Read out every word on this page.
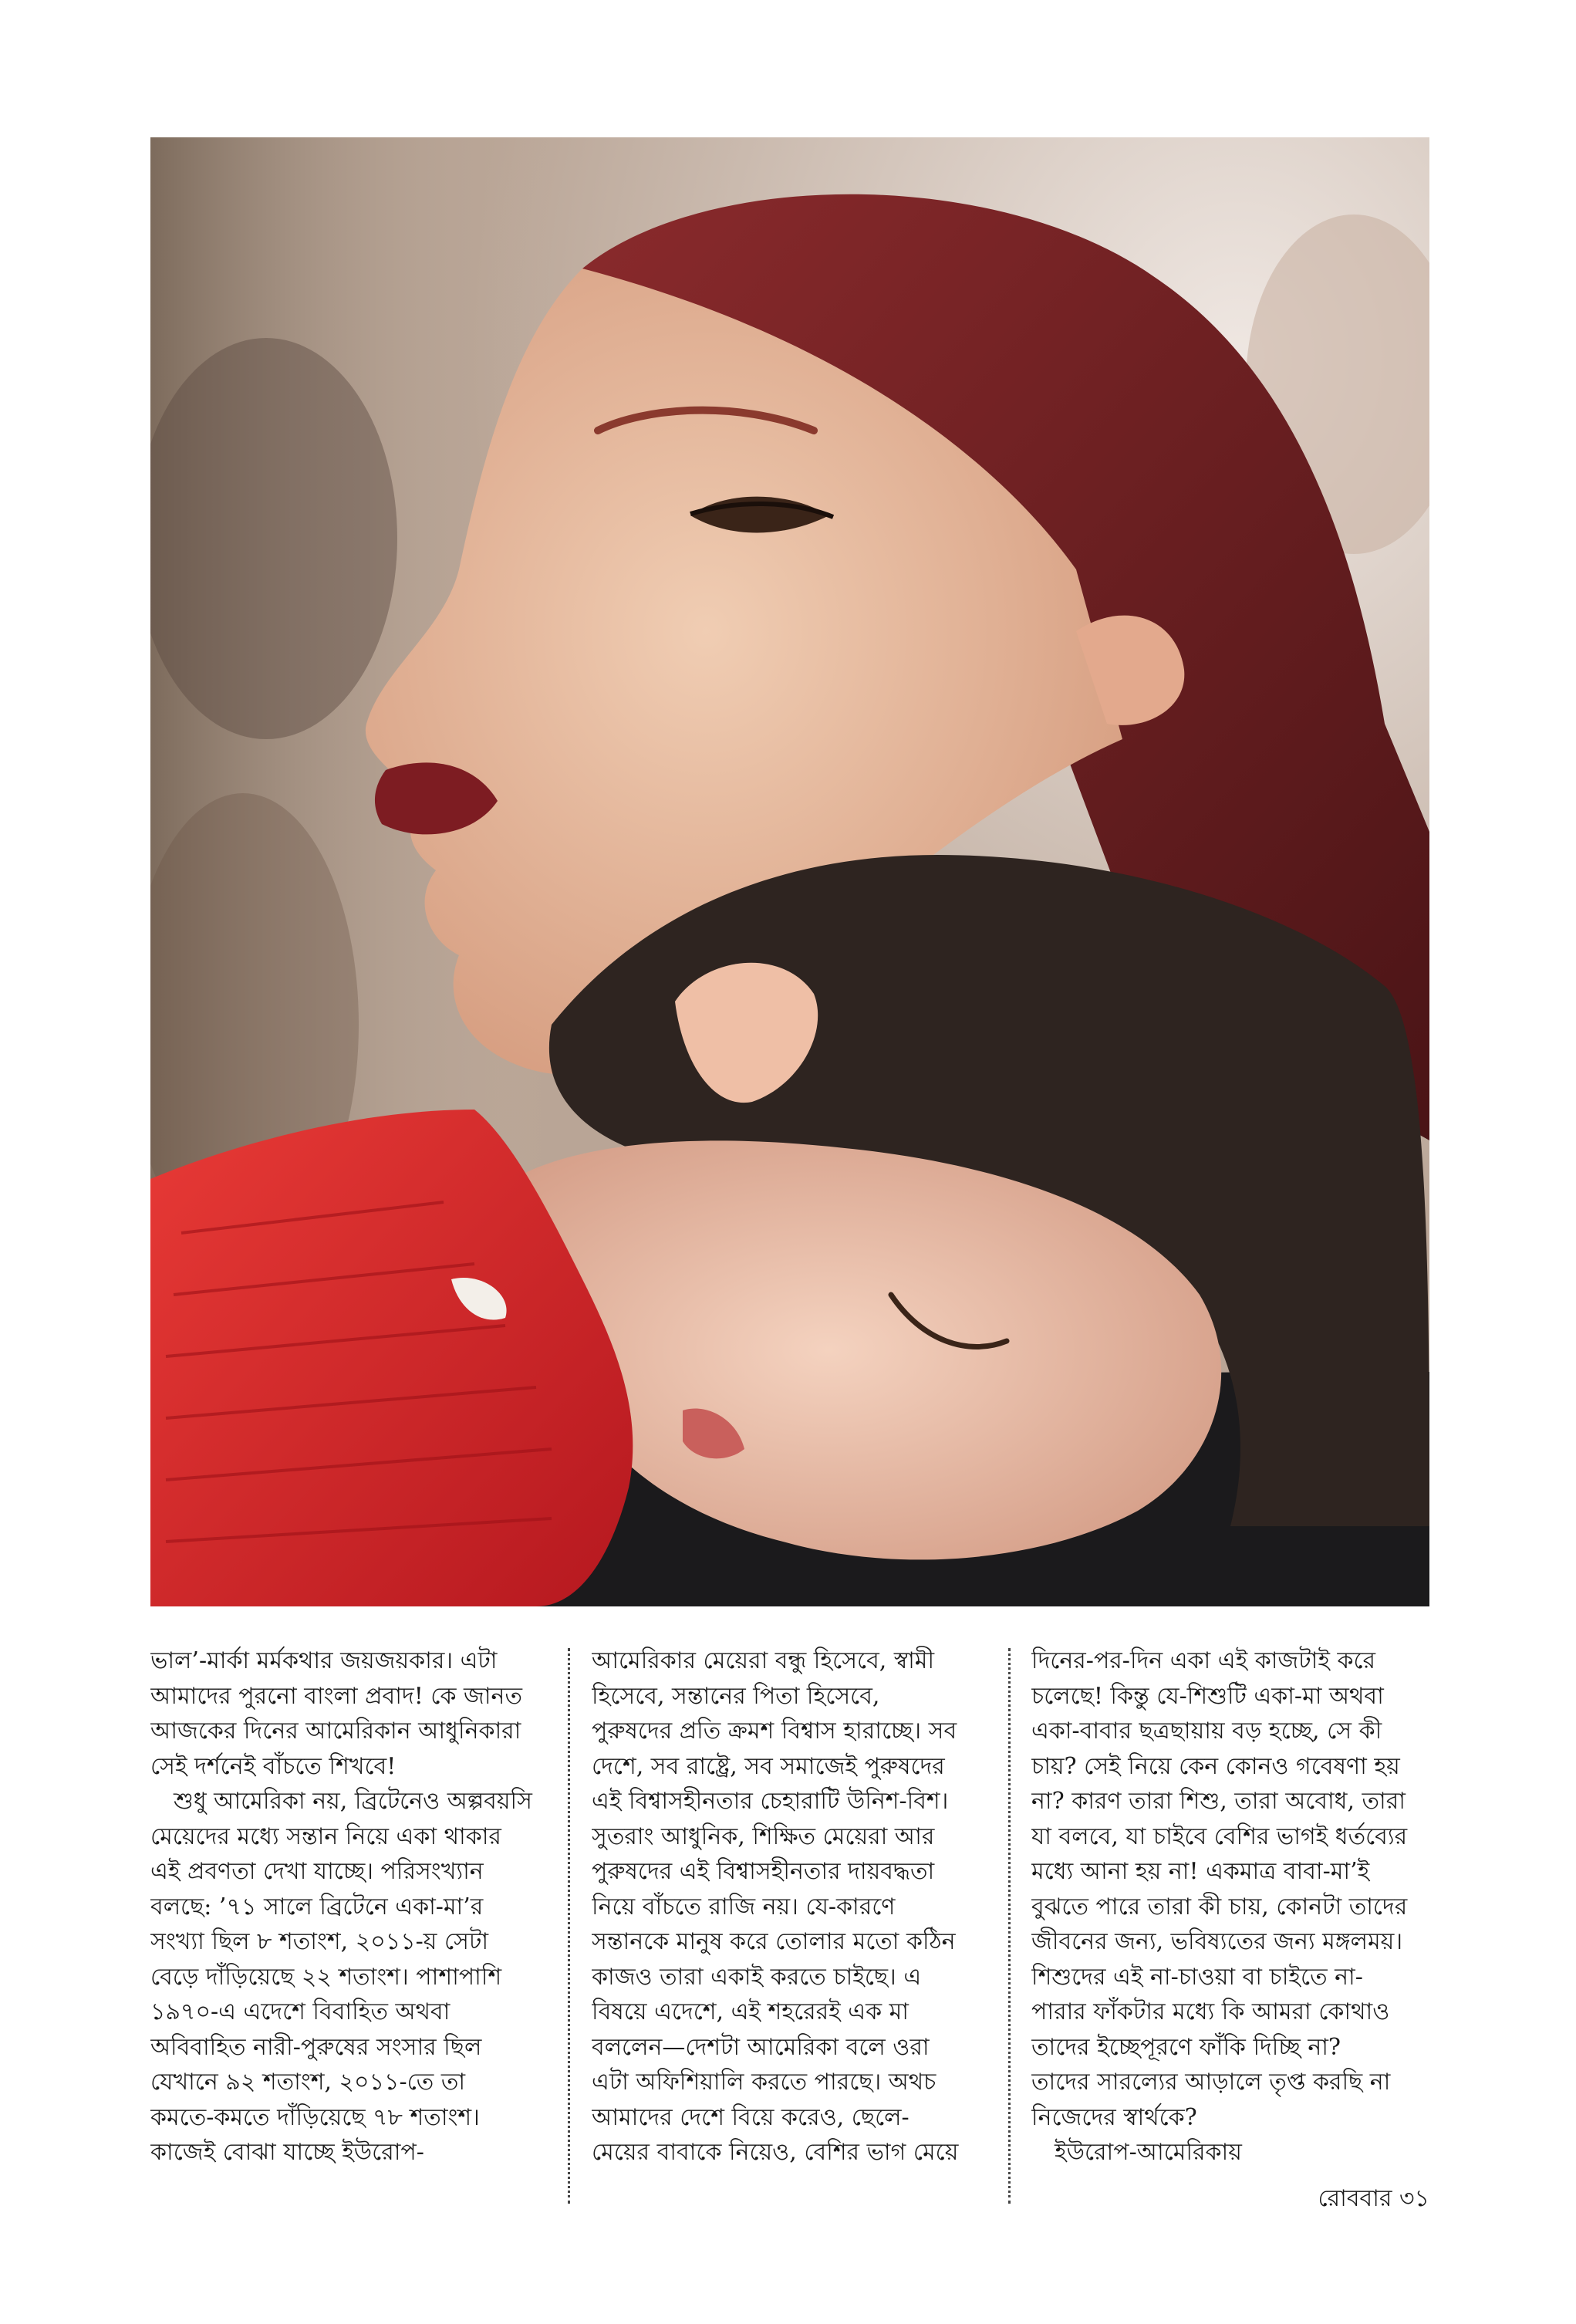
ভাল’-মার্কা মর্মকথার জয়জয়কার। এটা
আমাদের পুরনো বাংলা প্রবাদ! কে জানত
আজকের দিনের আমেরিকান আধুনিকারা
সেই দর্শনেই বাঁচতে শিখবে!
শুধু আমেরিকা নয়, ব্রিটেনেও অল্পবয়সি
মেয়েদের মধ্যে সন্তান নিয়ে একা থাকার
এই প্রবণতা দেখা যাচ্ছে। পরিসংখ্যান
বলছে: ’৭১ সালে ব্রিটেনে একা-মা’র
সংখ্যা ছিল ৮ শতাংশ, ২০১১-য় সেটা
বেড়ে দাঁড়িয়েছে ২২ শতাংশ। পাশাপাশি
১৯৭০-এ এদেশে বিবাহিত অথবা
অবিবাহিত নারী-পুরুষের সংসার ছিল
যেখানে ৯২ শতাংশ, ২০১১-তে তা
কমতে-কমতে দাঁড়িয়েছে ৭৮ শতাংশ।
কাজেই বোঝা যাচ্ছে ইউরোপ-
আমেরিকার মেয়েরা বন্ধু হিসেবে, স্বামী
হিসেবে, সন্তানের পিতা হিসেবে,
পুরুষদের প্রতি ক্রমশ বিশ্বাস হারাচ্ছে। সব
দেশে, সব রাষ্ট্রে, সব সমাজেই পুরুষদের
এই বিশ্বাসহীনতার চেহারাটি উনিশ-বিশ।
সুতরাং আধুনিক, শিক্ষিত মেয়েরা আর
পুরুষদের এই বিশ্বাসহীনতার দায়বদ্ধতা
নিয়ে বাঁচতে রাজি নয়। যে-কারণে
সন্তানকে মানুষ করে তোলার মতো কঠিন
কাজও তারা একাই করতে চাইছে। এ
বিষয়ে এদেশে, এই শহরেরই এক মা
বললেন—দেশটা আমেরিকা বলে ওরা
এটা অফিশিয়ালি করতে পারছে। অথচ
আমাদের দেশে বিয়ে করেও, ছেলে-
মেয়ের বাবাকে নিয়েও, বেশির ভাগ মেয়ে
দিনের-পর-দিন একা এই কাজটাই করে
চলেছে! কিন্তু যে-শিশুটি একা-মা অথবা
একা-বাবার ছত্রছায়ায় বড় হচ্ছে, সে কী
চায়? সেই নিয়ে কেন কোনও গবেষণা হয়
না? কারণ তারা শিশু, তারা অবোধ, তারা
যা বলবে, যা চাইবে বেশির ভাগই ধর্তব্যের
মধ্যে আনা হয় না! একমাত্র বাবা-মা’ই
বুঝতে পারে তারা কী চায়, কোনটা তাদের
জীবনের জন্য, ভবিষ্যতের জন্য মঙ্গলময়।
শিশুদের এই না-চাওয়া বা চাইতে না-
পারার ফাঁকটার মধ্যে কি আমরা কোথাও
তাদের ইচ্ছেপূরণে ফাঁকি দিচ্ছি না?
তাদের সারল্যের আড়ালে তৃপ্ত করছি না
নিজেদের স্বার্থকে?
ইউরোপ-আমেরিকায়
রোববার ৩১
